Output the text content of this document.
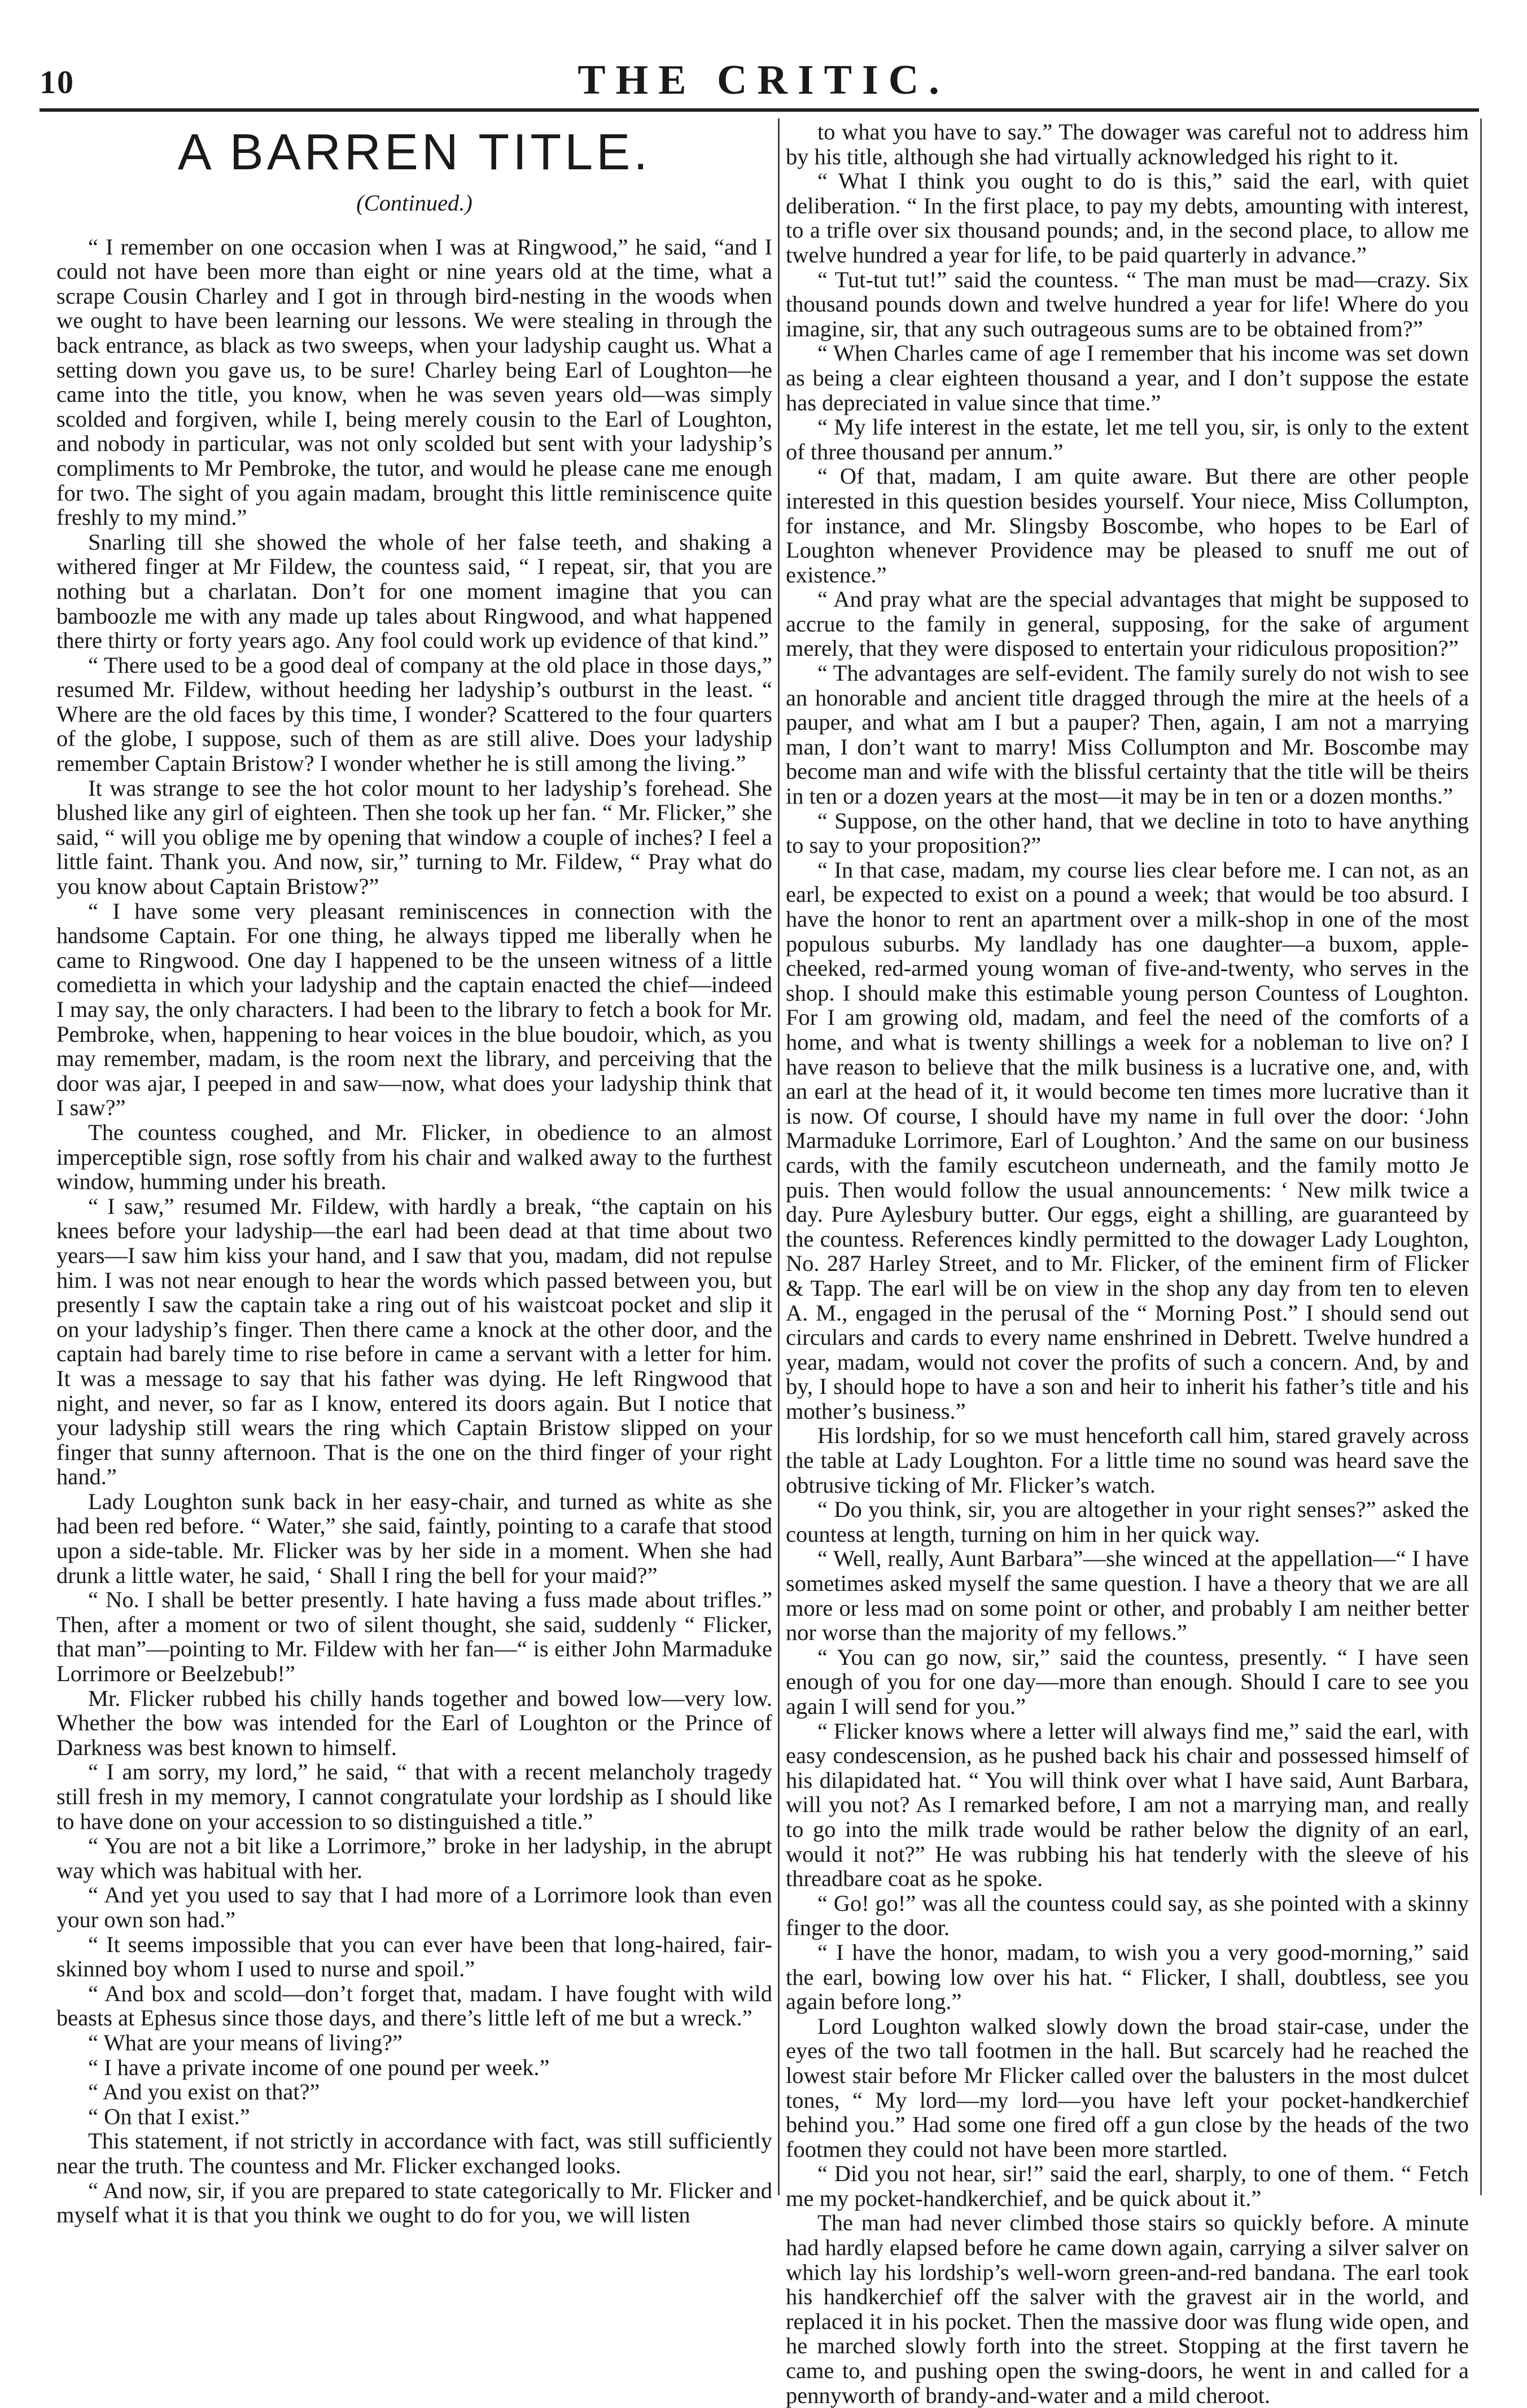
10	THE CRITIC.
A BARREN TITLE.
(Continued.)

“ I remember on one occasion when I was at Ringwood,” he said, “and I could not have been more than eight or nine years old at the time, what a scrape Cousin Charley and I got in through bird-nesting in the woods when we ought to have been learning our lessons. We were stealing in through the back entrance, as black as two sweeps, when your ladyship caught us. What a setting down you gave us, to be sure! Charley being Earl of Loughton—he came into the title, you know, when he was seven years old—was simply scolded and forgiven, while I, being merely cousin to the Earl of Loughton, and nobody in particular, was not only scolded but sent with your ladyship’s compliments to Mr Pembroke, the tutor, and would he please cane me enough for two. The sight of you again madam, brought this little reminiscence quite freshly to my mind.”

Snarling till she showed the whole of her false teeth, and shaking a withered finger at Mr Fildew, the countess said, “ I repeat, sir, that you are nothing but a charlatan. Don’t for one moment imagine that you can bamboozle me with any made up tales about Ringwood, and what happened there thirty or forty years ago. Any fool could work up evidence of that kind.”

“ There used to be a good deal of company at the old place in those days,” resumed Mr. Fildew, without heeding her ladyship’s outburst in the least. “ Where are the old faces by this time, I wonder? Scattered to the four quarters of the globe, I suppose, such of them as are still alive. Does your ladyship remember Captain Bristow? I wonder whether he is still among the living.”

It was strange to see the hot color mount to her ladyship’s forehead. She blushed like any girl of eighteen. Then she took up her fan. “ Mr. Flicker,” she said, “ will you oblige me by opening that window a couple of inches? I feel a little faint. Thank you. And now, sir,” turning to Mr. Fildew, “ Pray what do you know about Captain Bristow?”

“ I have some very pleasant reminiscences in connection with the handsome Captain. For one thing, he always tipped me liberally when he came to Ringwood. One day I happened to be the unseen witness of a little comedietta in which your ladyship and the captain enacted the chief—indeed I may say, the only characters. I had been to the library to fetch a book for Mr. Pembroke, when, happening to hear voices in the blue boudoir, which, as you may remember, madam, is the room next the library, and perceiving that the door was ajar, I peeped in and saw—now, what does your ladyship think that I saw?”

The countess coughed, and Mr. Flicker, in obedience to an almost imperceptible sign, rose softly from his chair and walked away to the furthest window, humming under his breath.

“ I saw,” resumed Mr. Fildew, with hardly a break, “the captain on his knees before your ladyship—the earl had been dead at that time about two years—I saw him kiss your hand, and I saw that you, madam, did not repulse him. I was not near enough to hear the words which passed between you, but presently I saw the captain take a ring out of his waistcoat pocket and slip it on your ladyship’s finger. Then there came a knock at the other door, and the captain had barely time to rise before in came a servant with a letter for him. It was a message to say that his father was dying. He left Ringwood that night, and never, so far as I know, entered its doors again. But I notice that your ladyship still wears the ring which Captain Bristow slipped on your finger that sunny afternoon. That is the one on the third finger of your right hand.”

Lady Loughton sunk back in her easy-chair, and turned as white as she had been red before. “ Water,” she said, faintly, pointing to a carafe that stood upon a side-table. Mr. Flicker was by her side in a moment. When she had drunk a little water, he said, ‘ Shall I ring the bell for your maid?”

“ No. I shall be better presently. I hate having a fuss made about trifles.” Then, after a moment or two of silent thought, she said, suddenly “ Flicker, that man”—pointing to Mr. Fildew with her fan—“ is either John Marmaduke Lorrimore or Beelzebub!”

Mr. Flicker rubbed his chilly hands together and bowed low—very low. Whether the bow was intended for the Earl of Loughton or the Prince of Darkness was best known to himself.

“ I am sorry, my lord,” he said, “ that with a recent melancholy tragedy still fresh in my memory, I cannot congratulate your lordship as I should like to have done on your accession to so distinguished a title.”

“ You are not a bit like a Lorrimore,” broke in her ladyship, in the abrupt way which was habitual with her.

“ And yet you used to say that I had more of a Lorrimore look than even your own son had.”

“ It seems impossible that you can ever have been that long-haired, fair-skinned boy whom I used to nurse and spoil.”

“ And box and scold—don’t forget that, madam. I have fought with wild beasts at Ephesus since those days, and there’s little left of me but a wreck.”

“ What are your means of living?”

“ I have a private income of one pound per week.”

“ And you exist on that?”

“ On that I exist.”

This statement, if not strictly in accordance with fact, was still sufficiently near the truth. The countess and Mr. Flicker exchanged looks.

“ And now, sir, if you are prepared to state categorically to Mr. Flicker and myself what it is that you think we ought to do for you, we will listen

to what you have to say.” The dowager was careful not to address him by his title, although she had virtually acknowledged his right to it.

“ What I think you ought to do is this,” said the earl, with quiet deliberation. “ In the first place, to pay my debts, amounting with interest, to a trifle over six thousand pounds; and, in the second place, to allow me twelve hundred a year for life, to be paid quarterly in advance.”

“ Tut-tut tut!” said the countess. “ The man must be mad—crazy. Six thousand pounds down and twelve hundred a year for life! Where do you imagine, sir, that any such outrageous sums are to be obtained from?”

“ When Charles came of age I remember that his income was set down as being a clear eighteen thousand a year, and I don’t suppose the estate has depreciated in value since that time.”

“ My life interest in the estate, let me tell you, sir, is only to the extent of three thousand per annum.”

“ Of that, madam, I am quite aware. But there are other people interested in this question besides yourself. Your niece, Miss Collumpton, for instance, and Mr. Slingsby Boscombe, who hopes to be Earl of Loughton whenever Providence may be pleased to snuff me out of existence.”

“ And pray what are the special advantages that might be supposed to accrue to the family in general, supposing, for the sake of argument merely, that they were disposed to entertain your ridiculous proposition?”

“ The advantages are self-evident. The family surely do not wish to see an honorable and ancient title dragged through the mire at the heels of a pauper, and what am I but a pauper? Then, again, I am not a marrying man, I don’t want to marry! Miss Collumpton and Mr. Boscombe may become man and wife with the blissful certainty that the title will be theirs in ten or a dozen years at the most—it may be in ten or a dozen months.”

“ Suppose, on the other hand, that we decline in toto to have anything to say to your proposition?”

“ In that case, madam, my course lies clear before me. I can not, as an earl, be expected to exist on a pound a week; that would be too absurd. I have the honor to rent an apartment over a milk-shop in one of the most populous suburbs. My landlady has one daughter—a buxom, apple-cheeked, red-armed young woman of five-and-twenty, who serves in the shop. I should make this estimable young person Countess of Loughton. For I am growing old, madam, and feel the need of the comforts of a home, and what is twenty shillings a week for a nobleman to live on? I have reason to believe that the milk business is a lucrative one, and, with an earl at the head of it, it would become ten times more lucrative than it is now. Of course, I should have my name in full over the door: ‘John Marmaduke Lorrimore, Earl of Loughton.’ And the same on our business cards, with the family escutcheon underneath, and the family motto Je puis. Then would follow the usual announcements: ‘ New milk twice a day. Pure Aylesbury butter. Our eggs, eight a shilling, are guaranteed by the countess. References kindly permitted to the dowager Lady Loughton, No. 287 Harley Street, and to Mr. Flicker, of the eminent firm of Flicker & Tapp. The earl will be on view in the shop any day from ten to eleven A. M., engaged in the perusal of the “ Morning Post.” I should send out circulars and cards to every name enshrined in Debrett. Twelve hundred a year, madam, would not cover the profits of such a concern. And, by and by, I should hope to have a son and heir to inherit his father’s title and his mother’s business.”

His lordship, for so we must henceforth call him, stared gravely across the table at Lady Loughton. For a little time no sound was heard save the obtrusive ticking of Mr. Flicker’s watch.

“ Do you think, sir, you are altogether in your right senses?” asked the countess at length, turning on him in her quick way.

“ Well, really, Aunt Barbara”—she winced at the appellation—“ I have sometimes asked myself the same question. I have a theory that we are all more or less mad on some point or other, and probably I am neither better nor worse than the majority of my fellows.”

“ You can go now, sir,” said the countess, presently. “ I have seen enough of you for one day—more than enough. Should I care to see you again I will send for you.”

“ Flicker knows where a letter will always find me,” said the earl, with easy condescension, as he pushed back his chair and possessed himself of his dilapidated hat. “ You will think over what I have said, Aunt Barbara, will you not? As I remarked before, I am not a marrying man, and really to go into the milk trade would be rather below the dignity of an earl, would it not?” He was rubbing his hat tenderly with the sleeve of his threadbare coat as he spoke.

“ Go! go!” was all the countess could say, as she pointed with a skinny finger to the door.

“ I have the honor, madam, to wish you a very good-morning,” said the earl, bowing low over his hat. “ Flicker, I shall, doubtless, see you again before long.”

Lord Loughton walked slowly down the broad stair-case, under the eyes of the two tall footmen in the hall. But scarcely had he reached the lowest stair before Mr Flicker called over the balusters in the most dulcet tones, “ My lord—my lord—you have left your pocket-handkerchief behind you.” Had some one fired off a gun close by the heads of the two footmen they could not have been more startled.

“ Did you not hear, sir!” said the earl, sharply, to one of them. “ Fetch me my pocket-handkerchief, and be quick about it.”

The man had never climbed those stairs so quickly before. A minute had hardly elapsed before he came down again, carrying a silver salver on which lay his lordship’s well-worn green-and-red bandana. The earl took his handkerchief off the salver with the gravest air in the world, and replaced it in his pocket. Then the massive door was flung wide open, and he marched slowly forth into the street. Stopping at the first tavern he came to, and pushing open the swing-doors, he went in and called for a pennyworth of brandy-and-water and a mild cheroot.
